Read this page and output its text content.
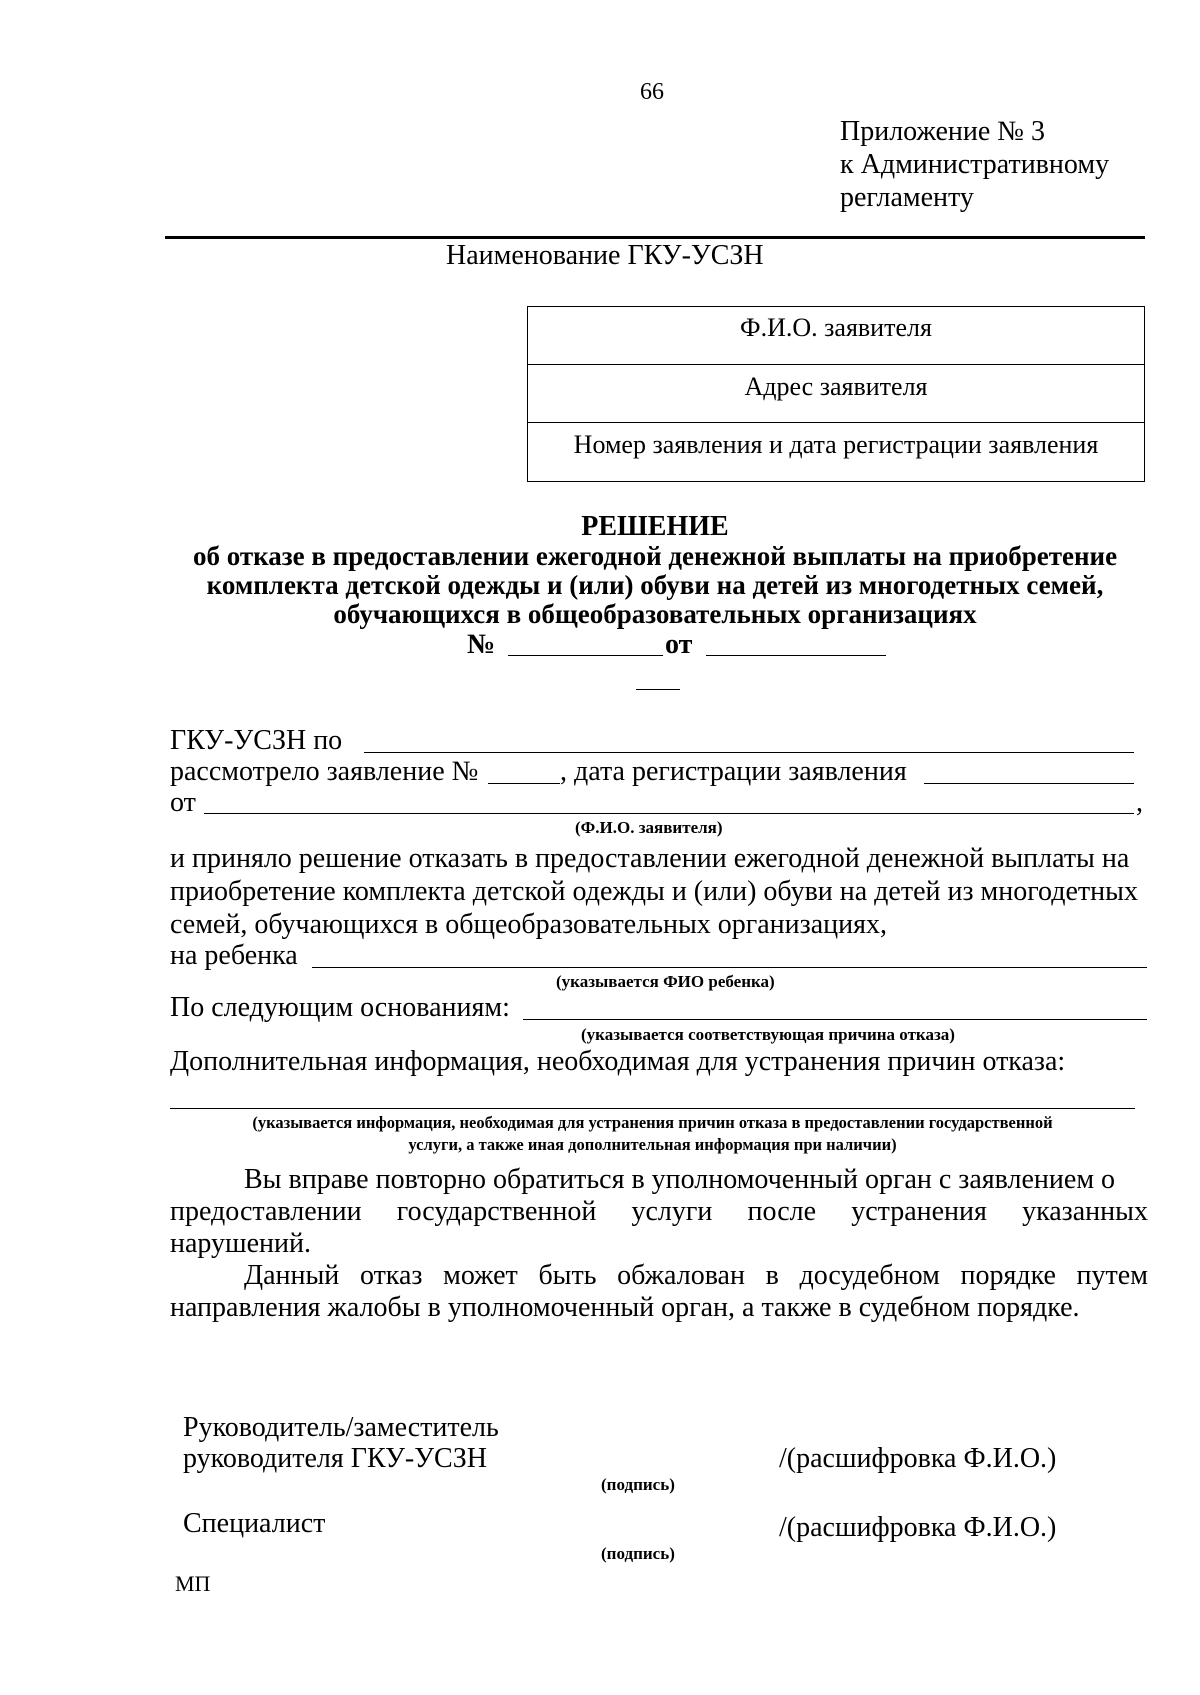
66
Приложение № 3
к Административному
регламенту
Наименование ГКУ-УСЗН
Ф.И.О. заявителя
Адрес заявителя
Номер заявления и дата регистрации заявления
РЕШЕНИЕ
об отказе в предоставлении ежегодной денежной выплаты на приобретение
комплекта детской одежды и (или) обуви на детей из многодетных семей,
обучающихся в общеобразовательных организациях
№	от
ГКУ-УСЗН по
рассмотрело заявление №	, дата регистрации заявления
от	,
(Ф.И.О. заявителя)
и приняло решение отказать в предоставлении ежегодной денежной выплаты на
приобретение комплекта детской одежды и (или) обуви на детей из многодетных
семей, обучающихся в общеобразовательных организациях,
на ребенка
(указывается ФИО ребенка)
По следующим основаниям:
(указывается соответствующая причина отказа)
Дополнительная информация, необходимая для устранения причин отказа:
(указывается информация, необходимая для устранения причин отказа в предоставлении государственной
услуги, а также иная дополнительная информация при наличии)
Вы вправе повторно обратиться в уполномоченный орган с заявлением о
предоставлении государственной услуги после устранения указанных
нарушений.
Данный отказ может быть обжалован в досудебном порядке путем
направления жалобы в уполномоченный орган, а также в судебном порядке.
Руководитель/заместитель
руководителя ГКУ-УСЗН	/(расшифровка Ф.И.О.)
(подпись)
Специалист	/(расшифровка Ф.И.О.)
(подпись)
МП
